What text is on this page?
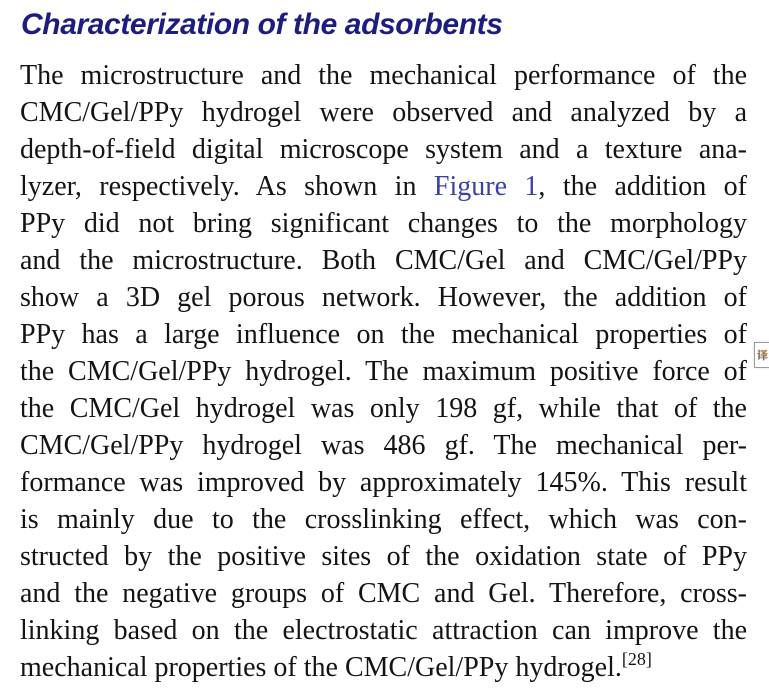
Characterization of the adsorbents
The microstructure and the mechanical performance of the
CMC/Gel/PPy hydrogel were observed and analyzed by a
depth-of-field digital microscope system and a texture ana-
lyzer, respectively. As shown in Figure 1, the addition of
PPy did not bring significant changes to the morphology
and the microstructure. Both CMC/Gel and CMC/Gel/PPy
show a 3D gel porous network. However, the addition of
PPy has a large influence on the mechanical properties of
the CMC/Gel/PPy hydrogel. The maximum positive force of
the CMC/Gel hydrogel was only 198 gf, while that of the
CMC/Gel/PPy hydrogel was 486 gf. The mechanical per-
formance was improved by approximately 145%. This result
is mainly due to the crosslinking effect, which was con-
structed by the positive sites of the oxidation state of PPy
and the negative groups of CMC and Gel. Therefore, cross-
linking based on the electrostatic attraction can improve the
mechanical properties of the CMC/Gel/PPy hydrogel.[28]
译
